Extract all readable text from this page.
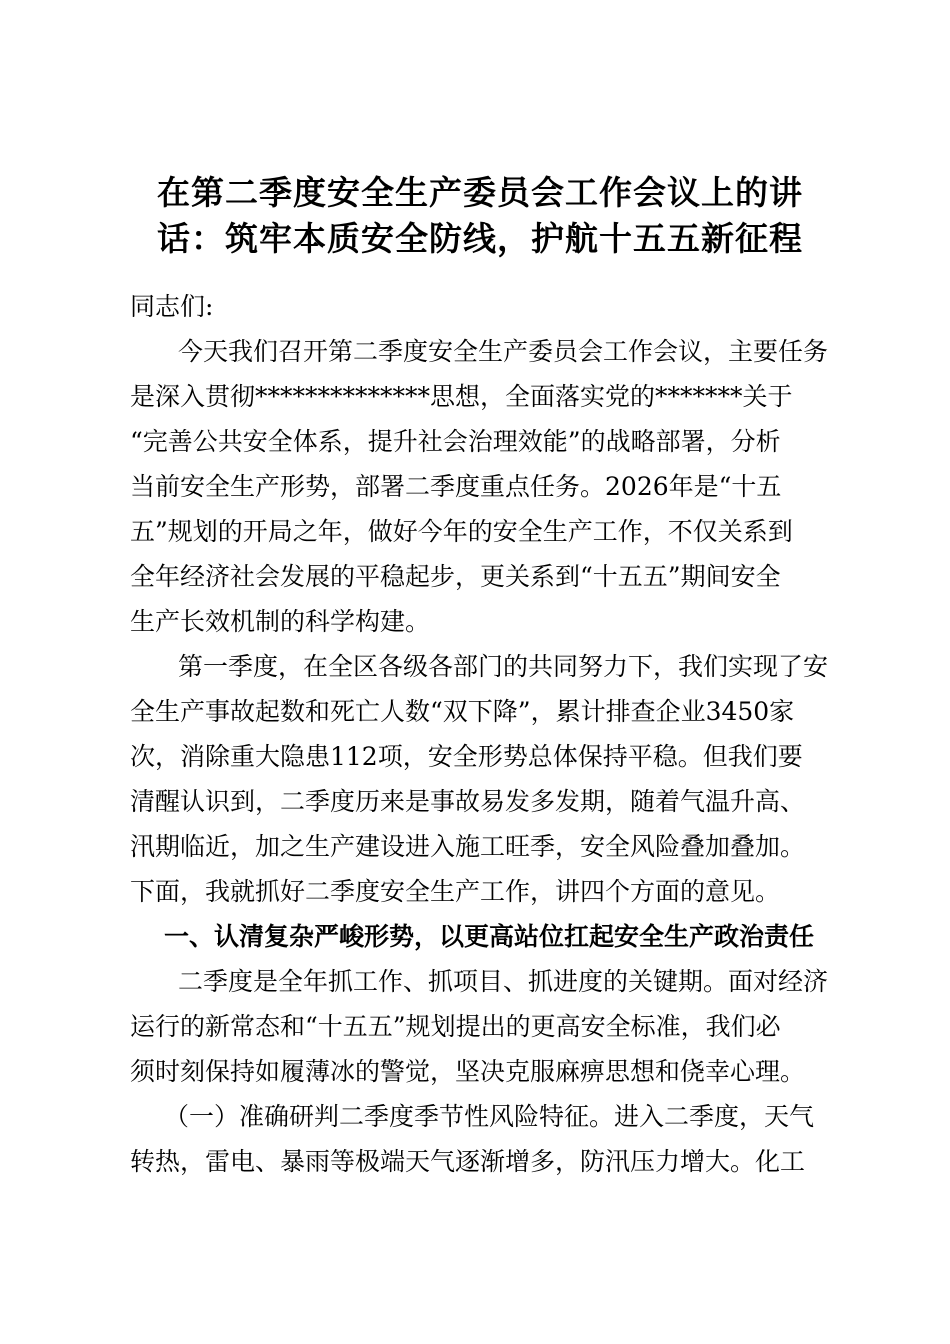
在第二季度安全生产委员会工作会议上的讲
话：筑牢本质安全防线，护航十五五新征程
同志们:
今天我们召开第二季度安全生产委员会工作会议，主要任务
是深入贯彻**************思想，全面落实党的*******关于
“完善公共安全体系，提升社会治理效能”的战略部署，分析
当前安全生产形势，部署二季度重点任务。2026年是“十五
五”规划的开局之年，做好今年的安全生产工作，不仅关系到
全年经济社会发展的平稳起步，更关系到“十五五”期间安全
生产长效机制的科学构建。
第一季度，在全区各级各部门的共同努力下，我们实现了安
全生产事故起数和死亡人数“双下降”，累计排查企业3450家
次，消除重大隐患112项，安全形势总体保持平稳。但我们要
清醒认识到，二季度历来是事故易发多发期，随着气温升高、
汛期临近，加之生产建设进入施工旺季，安全风险叠加叠加。
下面，我就抓好二季度安全生产工作，讲四个方面的意见。
一、认清复杂严峻形势，以更高站位扛起安全生产政治责任
二季度是全年抓工作、抓项目、抓进度的关键期。面对经济
运行的新常态和“十五五”规划提出的更高安全标准，我们必
须时刻保持如履薄冰的警觉，坚决克服麻痹思想和侥幸心理。
（一）准确研判二季度季节性风险特征。进入二季度，天气
转热，雷电、暴雨等极端天气逐渐增多，防汛压力增大。化工
